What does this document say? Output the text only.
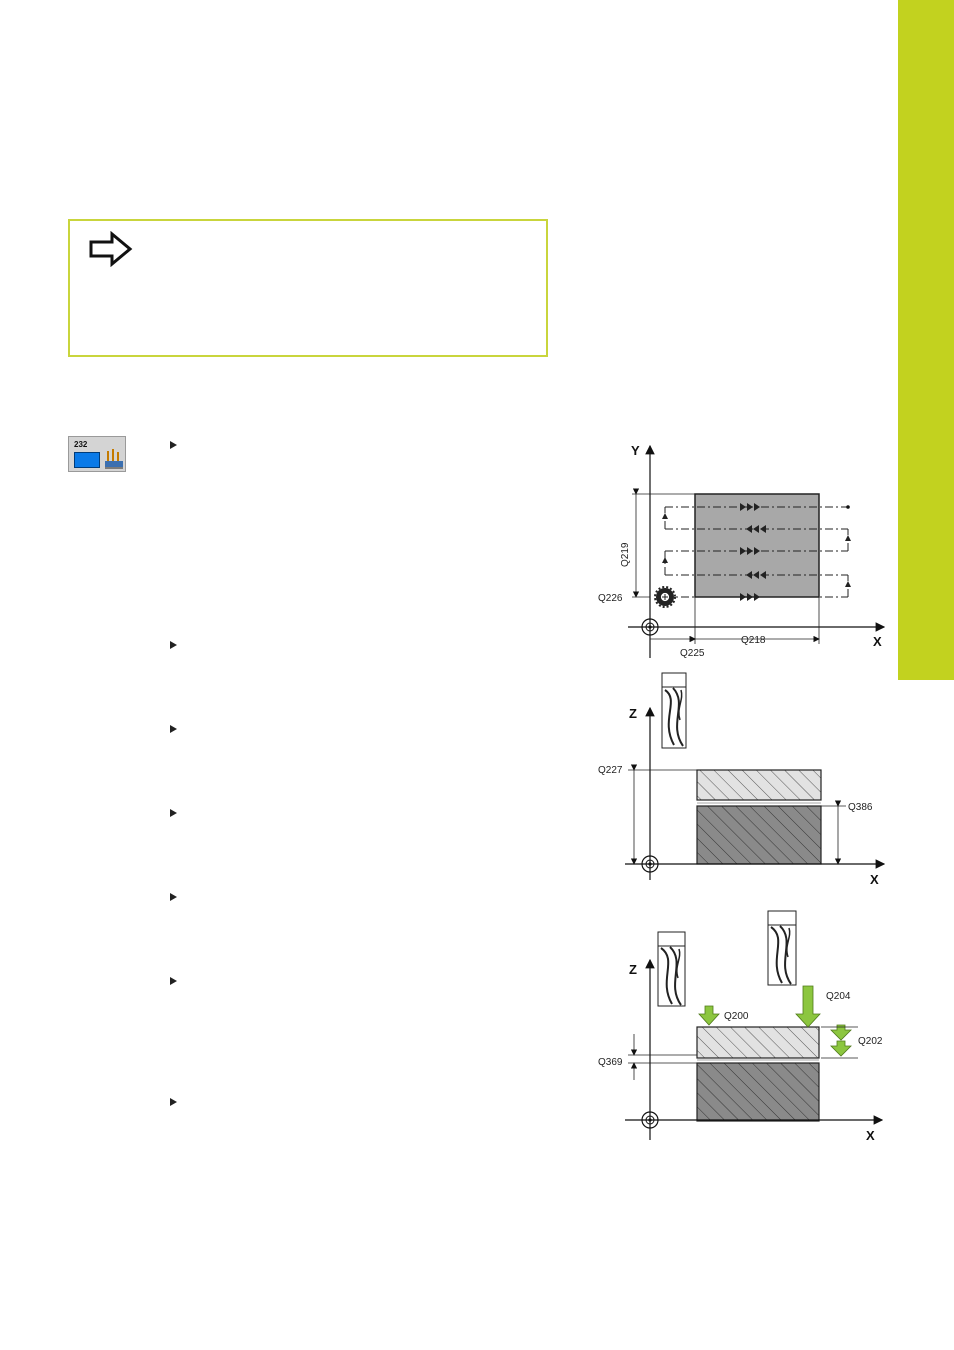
232	Y
X
Q219
Q226
Q225
Q218
Z
X
Q227
Q386
Z
X
Q200
Q204
Q202
Q369
